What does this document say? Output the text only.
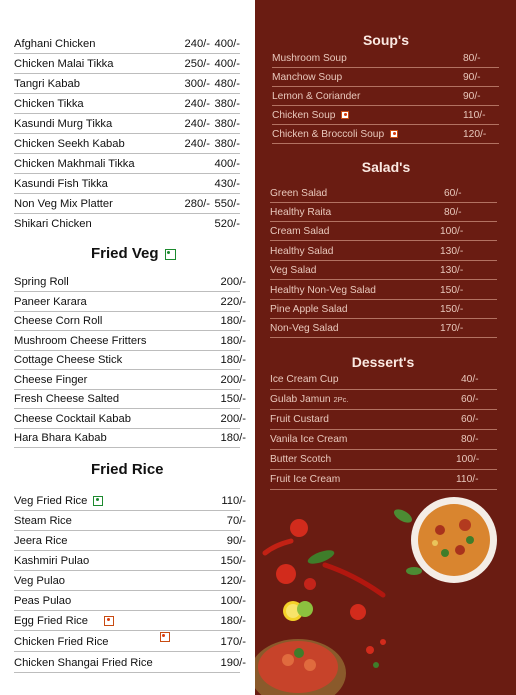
Afghani Chicken	240/- 400/-
Chicken Malai Tikka	250/- 400/-
Tangri Kabab	300/- 480/-
Chicken Tikka	240/- 380/-
Kasundi Murg Tikka	240/- 380/-
Chicken Seekh Kabab	240/- 380/-
Chicken Makhmali Tikka	400/-
Kasundi Fish Tikka	430/-
Non Veg Mix Platter	280/- 550/-
Shikari Chicken	520/-
Fried Veg
Spring Roll	200/-
Paneer Karara	220/-
Cheese Corn Roll	180/-
Mushroom Cheese Fritters	180/-
Cottage Cheese Stick	180/-
Cheese Finger	200/-
Fresh Cheese Salted	150/-
Cheese Cocktail Kabab	200/-
Hara Bhara Kabab	180/-
Fried Rice
Veg Fried Rice	110/-
Steam Rice	70/-
Jeera Rice	90/-
Kashmiri Pulao	150/-
Veg Pulao	120/-
Peas Pulao	100/-
Egg Fried Rice	180/-
Chicken Fried Rice	170/-
Chicken Shangai Fried Rice	190/-
Soup's
Mushroom Soup	80/-
Manchow Soup	90/-
Lemon & Coriander	90/-
Chicken Soup	110/-
Chicken & Broccoli Soup	120/-
Salad's
Green Salad	60/-
Healthy Raita	80/-
Cream Salad	100/-
Healthy Salad	130/-
Veg Salad	130/-
Healthy Non-Veg Salad	150/-
Pine Apple Salad	150/-
Non-Veg Salad	170/-
Dessert's
Ice Cream Cup	40/-
Gulab Jamun 2Pc.	60/-
Fruit Custard	60/-
Vanila Ice Cream	80/-
Butter Scotch	100/-
Fruit Ice Cream	110/-
